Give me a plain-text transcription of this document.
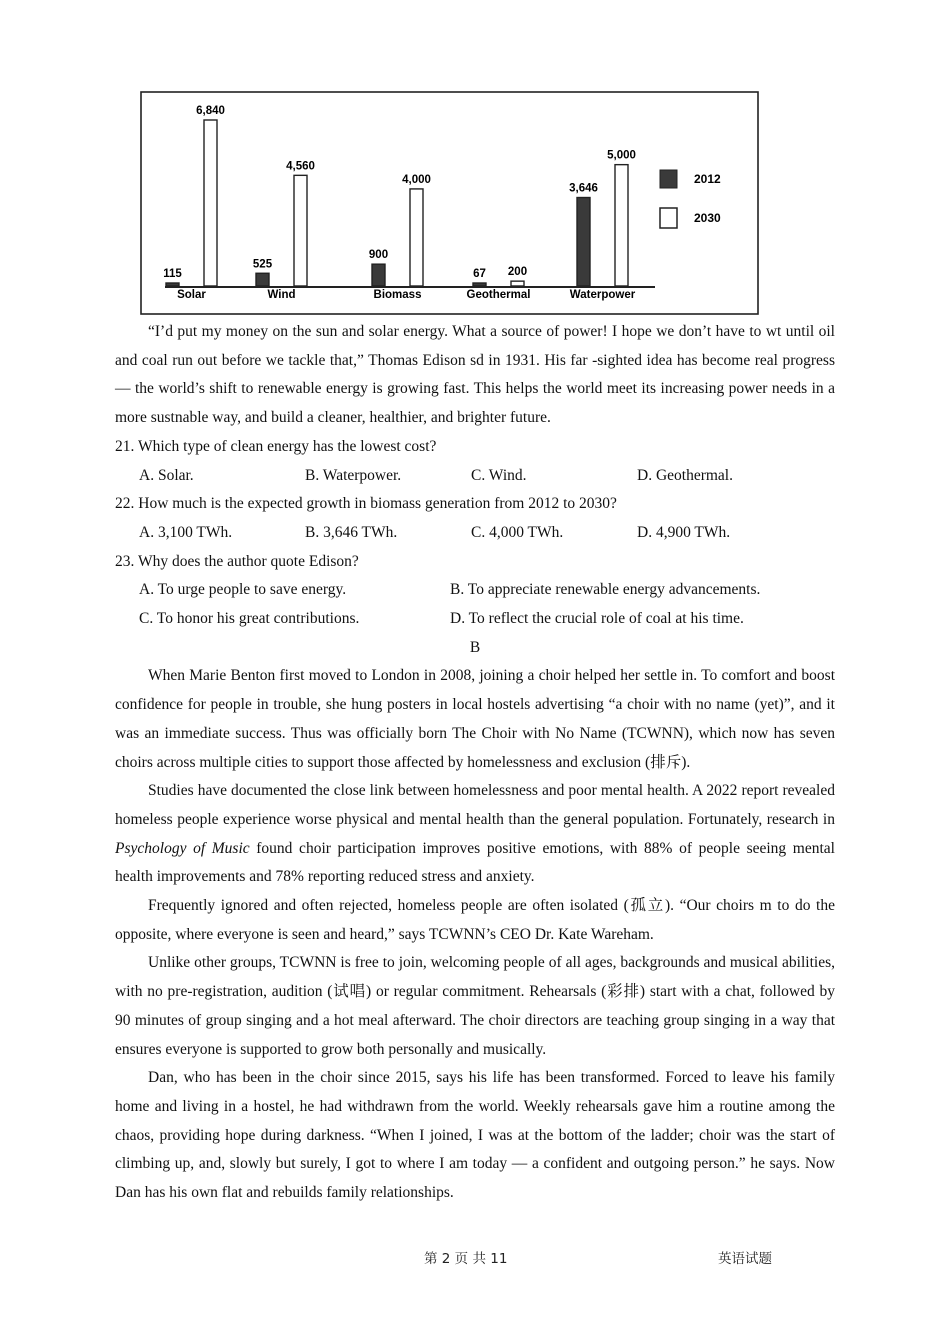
115
6,840
Solar
525
4,560
Wind
900
4,000
Biomass
67 200
Geothermal
3,646
5,000
Waterpower
2012
2030

“I’d put my money on the sun and solar energy. What a source of power! I hope we don’t have to wt until oil and coal run out before we tackle that,” Thomas Edison sd in 1931. His far -sighted idea has become real progress — the world’s shift to renewable energy is growing fast. This helps the world meet its increasing power needs in a more sustnable way, and build a cleaner, healthier, and brighter future.

21. Which type of clean energy has the lowest cost?

A. Solar.	B. Waterpower.	C. Wind.	D. Geothermal.

22. How much is the expected growth in biomass generation from 2012 to 2030?

A. 3,100 TWh.	B. 3,646 TWh.	C. 4,000 TWh.	D. 4,900 TWh.

23. Why does the author quote Edison?

A. To urge people to save energy.	B. To appreciate renewable energy advancements.
C. To honor his great contributions.	D. To reflect the crucial role of coal at his time.

B

When Marie Benton first moved to London in 2008, joining a choir helped her settle in. To comfort and boost confidence for people in trouble, she hung posters in local hostels advertising “a choir with no name (yet)”, and it was an immediate success. Thus was officially born The Choir with No Name (TCWNN), which now has seven choirs across multiple cities to support those affected by homelessness and exclusion (排斥).

Studies have documented the close link between homelessness and poor mental health. A 2022 report revealed homeless people experience worse physical and mental health than the general population. Fortunately, research in Psychology of Music found choir participation improves positive emotions, with 88% of people seeing mental health improvements and 78% reporting reduced stress and anxiety.

Frequently ignored and often rejected, homeless people are often isolated (孤立). “Our choirs m to do the opposite, where everyone is seen and heard,” says TCWNN’s CEO Dr. Kate Wareham.

Unlike other groups, TCWNN is free to join, welcoming people of all ages, backgrounds and musical abilities, with no pre-registration, audition (试唱) or regular commitment. Rehearsals (彩排) start with a chat, followed by 90 minutes of group singing and a hot meal afterward. The choir directors are teaching group singing in a way that ensures everyone is supported to grow both personally and musically.

Dan, who has been in the choir since 2015, says his life has been transformed. Forced to leave his family home and living in a hostel, he had withdrawn from the world. Weekly rehearsals gave him a routine among the chaos, providing hope during darkness. “When I joined, I was at the bottom of the ladder; choir was the start of climbing up, and, slowly but surely, I got to where I am today — a confident and outgoing person.” he says. Now Dan has his own flat and rebuilds family relationships.

第 2 页 共 11	英语试题
